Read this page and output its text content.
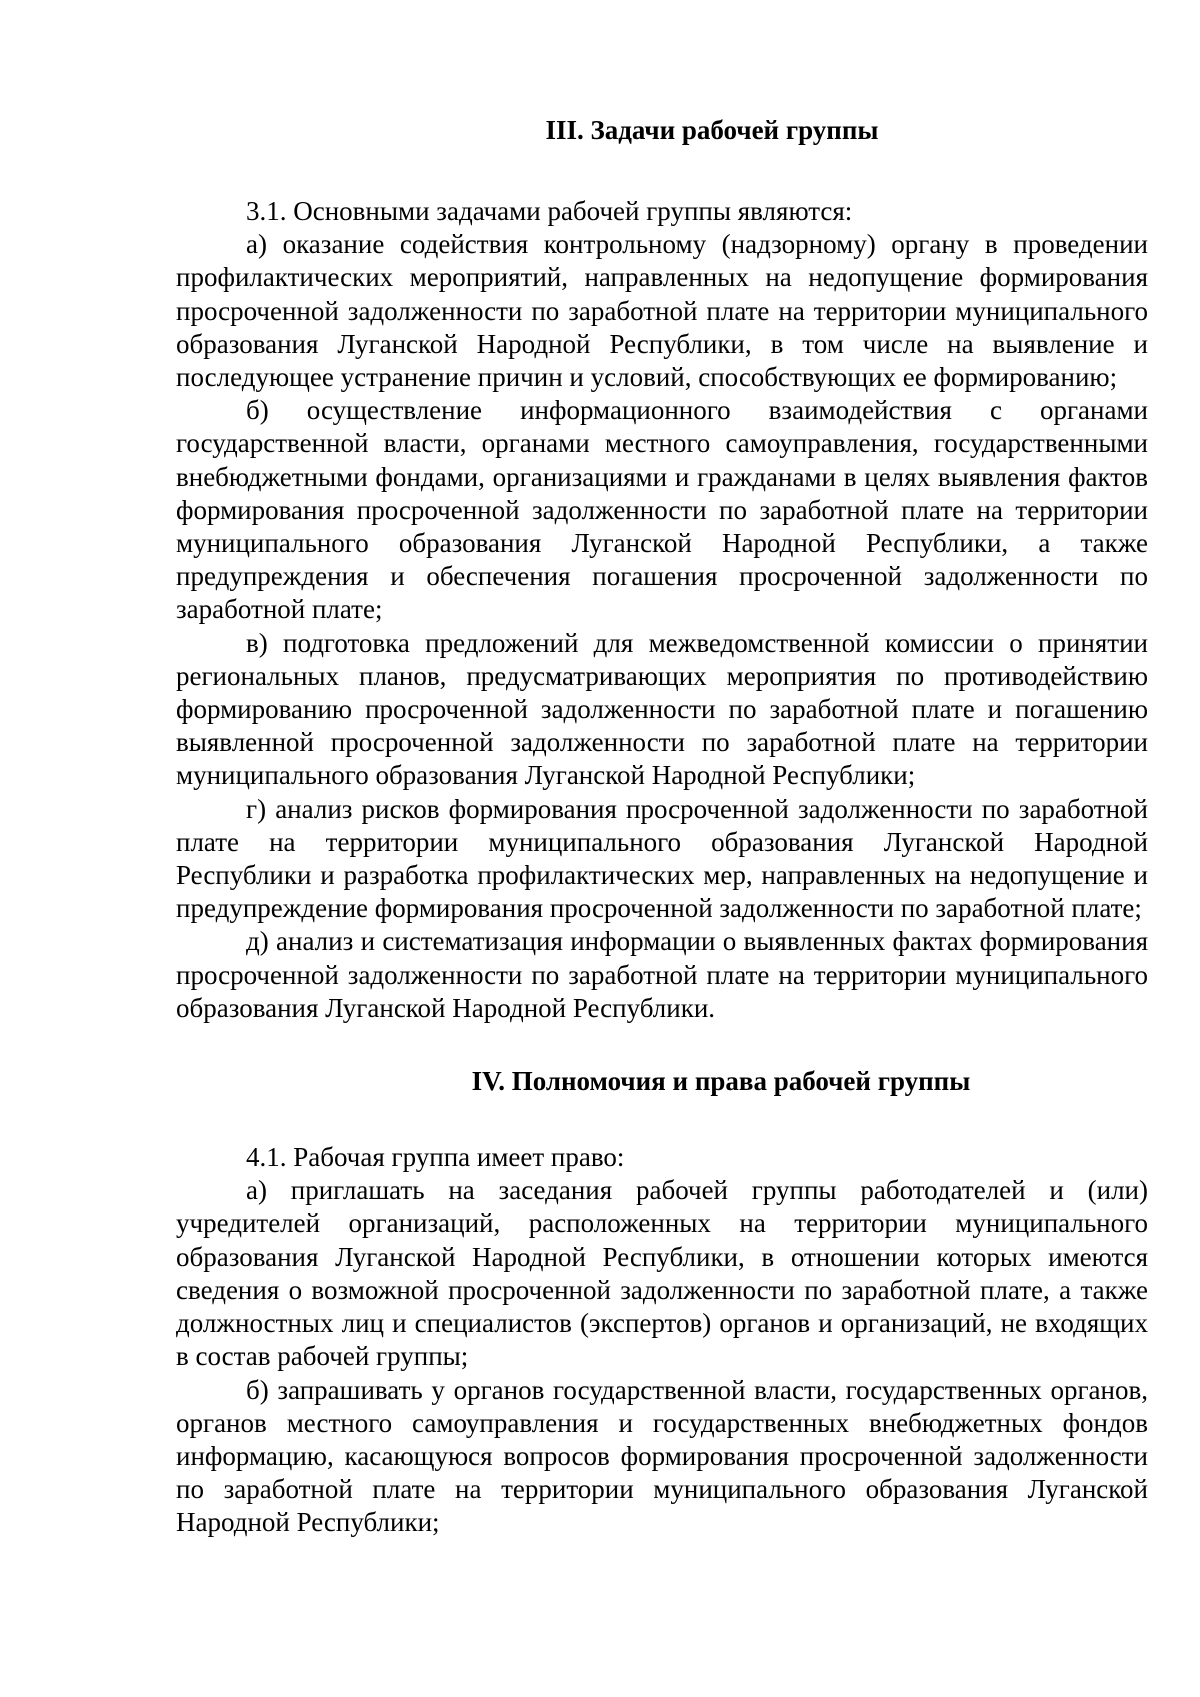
III. Задачи рабочей группы

3.1. Основными задачами рабочей группы являются:

а) оказание содействия контрольному (надзорному) органу в проведении профилактических мероприятий, направленных на недопущение формирования просроченной задолженности по заработной плате на территории муниципального образования Луганской Народной Республики, в том числе на выявление и последующее устранение причин и условий, способствующих ее формированию;

б) осуществление информационного взаимодействия с органами государственной власти, органами местного самоуправления, государственными внебюджетными фондами, организациями и гражданами в целях выявления фактов формирования просроченной задолженности по заработной плате на территории муниципального образования Луганской Народной Республики, а также предупреждения и обеспечения погашения просроченной задолженности по заработной плате;

в) подготовка предложений для межведомственной комиссии о принятии региональных планов, предусматривающих мероприятия по противодействию формированию просроченной задолженности по заработной плате и погашению выявленной просроченной задолженности по заработной плате на территории муниципального образования Луганской Народной Республики;

г) анализ рисков формирования просроченной задолженности по заработной плате на территории муниципального образования Луганской Народной Республики и разработка профилактических мер, направленных на недопущение и предупреждение формирования просроченной задолженности по заработной плате;

д) анализ и систематизация информации о выявленных фактах формирования просроченной задолженности по заработной плате на территории муниципального образования Луганской Народной Республики.

IV. Полномочия и права рабочей группы

4.1. Рабочая группа имеет право:

а) приглашать на заседания рабочей группы работодателей и (или) учредителей организаций, расположенных на территории муниципального образования Луганской Народной Республики, в отношении которых имеются сведения о возможной просроченной задолженности по заработной плате, а также должностных лиц и специалистов (экспертов) органов и организаций, не входящих в состав рабочей группы;

б) запрашивать у органов государственной власти, государственных органов, органов местного самоуправления и государственных внебюджетных фондов информацию, касающуюся вопросов формирования просроченной задолженности по заработной плате на территории муниципального образования Луганской Народной Республики;
